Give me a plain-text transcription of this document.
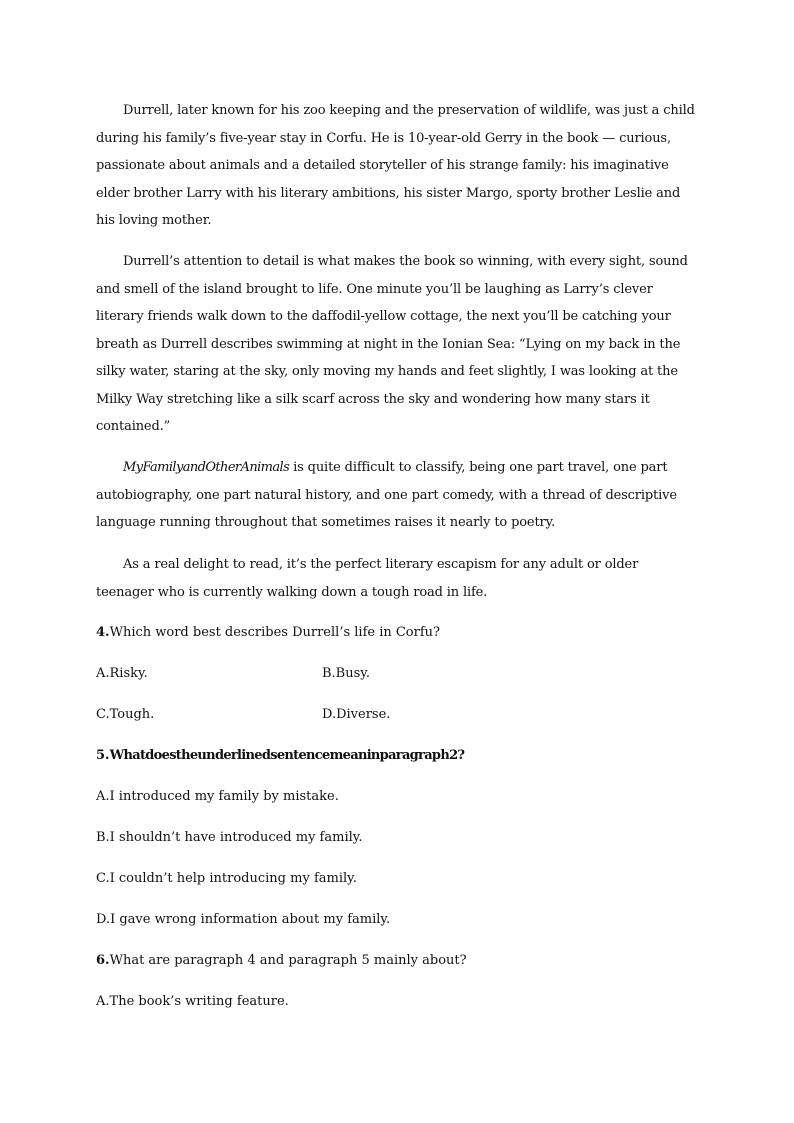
Durrell, later known for his zoo keeping and the preservation of wildlife, was just a child during his family’s five-year stay in Corfu. He is 10-year-old Gerry in the book — curious, passionate about animals and a detailed storyteller of his strange family: his imaginative elder brother Larry with his literary ambitions, his sister Margo, sporty brother Leslie and his loving mother.

Durrell’s attention to detail is what makes the book so winning, with every sight, sound and smell of the island brought to life. One minute you’ll be laughing as Larry’s clever literary friends walk down to the daffodil-yellow cottage, the next you’ll be catching your breath as Durrell describes swimming at night in the Ionian Sea: “Lying on my back in the silky water, staring at the sky, only moving my hands and feet slightly, I was looking at the Milky Way stretching like a silk scarf across the sky and wondering how many stars it contained.”

MyFamilyandOtherAnimals is quite difficult to classify, being one part travel, one part autobiography, one part natural history, and one part comedy, with a thread of descriptive language running throughout that sometimes raises it nearly to poetry.

As a real delight to read, it’s the perfect literary escapism for any adult or older teenager who is currently walking down a tough road in life.

4.Which word best describes Durrell’s life in Corfu?

A.Risky.	B.Busy.

C.Tough.	D.Diverse.

5.Whatdoestheunderlinedsentencemeaninparagraph2?

A.I introduced my family by mistake.

B.I shouldn’t have introduced my family.

C.I couldn’t help introducing my family.

D.I gave wrong information about my family.

6.What are paragraph 4 and paragraph 5 mainly about?

A.The book’s writing feature.
